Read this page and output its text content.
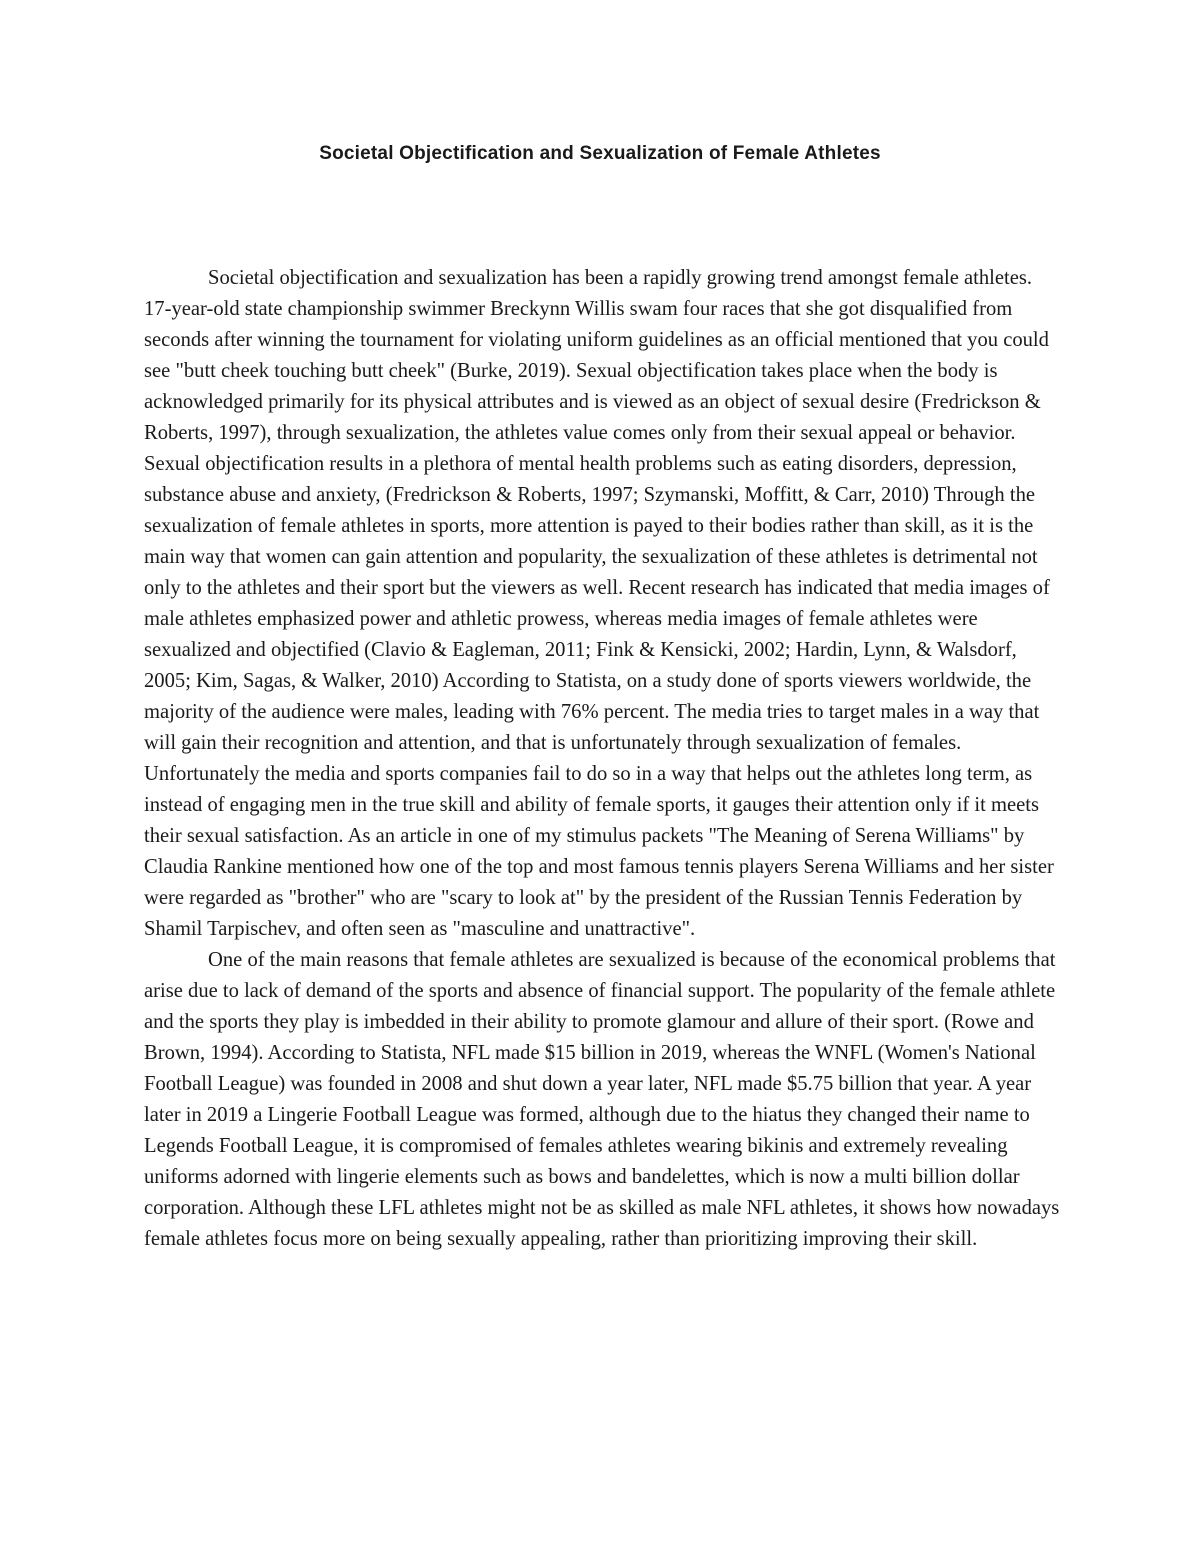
Societal Objectification and Sexualization of Female Athletes

Societal objectification and sexualization has been a rapidly growing trend amongst female athletes. 17-year-old state championship swimmer Breckynn Willis swam four races that she got disqualified from seconds after winning the tournament for violating uniform guidelines as an official mentioned that you could see "butt cheek touching butt cheek" (Burke, 2019). Sexual objectification takes place when the body is acknowledged primarily for its physical attributes and is viewed as an object of sexual desire (Fredrickson & Roberts, 1997), through sexualization, the athletes value comes only from their sexual appeal or behavior. Sexual objectification results in a plethora of mental health problems such as eating disorders, depression, substance abuse and anxiety, (Fredrickson & Roberts, 1997; Szymanski, Moffitt, & Carr, 2010) Through the sexualization of female athletes in sports, more attention is payed to their bodies rather than skill, as it is the main way that women can gain attention and popularity, the sexualization of these athletes is detrimental not only to the athletes and their sport but the viewers as well. Recent research has indicated that media images of male athletes emphasized power and athletic prowess, whereas media images of female athletes were sexualized and objectified (Clavio & Eagleman, 2011; Fink & Kensicki, 2002; Hardin, Lynn, & Walsdorf, 2005; Kim, Sagas, & Walker, 2010) According to Statista, on a study done of sports viewers worldwide, the majority of the audience were males, leading with 76% percent. The media tries to target males in a way that will gain their recognition and attention, and that is unfortunately through sexualization of females. Unfortunately the media and sports companies fail to do so in a way that helps out the athletes long term, as instead of engaging men in the true skill and ability of female sports, it gauges their attention only if it meets their sexual satisfaction. As an article in one of my stimulus packets "The Meaning of Serena Williams" by Claudia Rankine mentioned how one of the top and most famous tennis players Serena Williams and her sister were regarded as "brother" who are "scary to look at" by the president of the Russian Tennis Federation by Shamil Tarpischev, and often seen as "masculine and unattractive".

One of the main reasons that female athletes are sexualized is because of the economical problems that arise due to lack of demand of the sports and absence of financial support. The popularity of the female athlete and the sports they play is imbedded in their ability to promote glamour and allure of their sport. (Rowe and Brown, 1994). According to Statista, NFL made $15 billion in 2019, whereas the WNFL (Women's National Football League) was founded in 2008 and shut down a year later, NFL made $5.75 billion that year. A year later in 2019 a Lingerie Football League was formed, although due to the hiatus they changed their name to Legends Football League, it is compromised of females athletes wearing bikinis and extremely revealing uniforms adorned with lingerie elements such as bows and bandelettes, which is now a multi billion dollar corporation. Although these LFL athletes might not be as skilled as male NFL athletes, it shows how nowadays female athletes focus more on being sexually appealing, rather than prioritizing improving their skill.
